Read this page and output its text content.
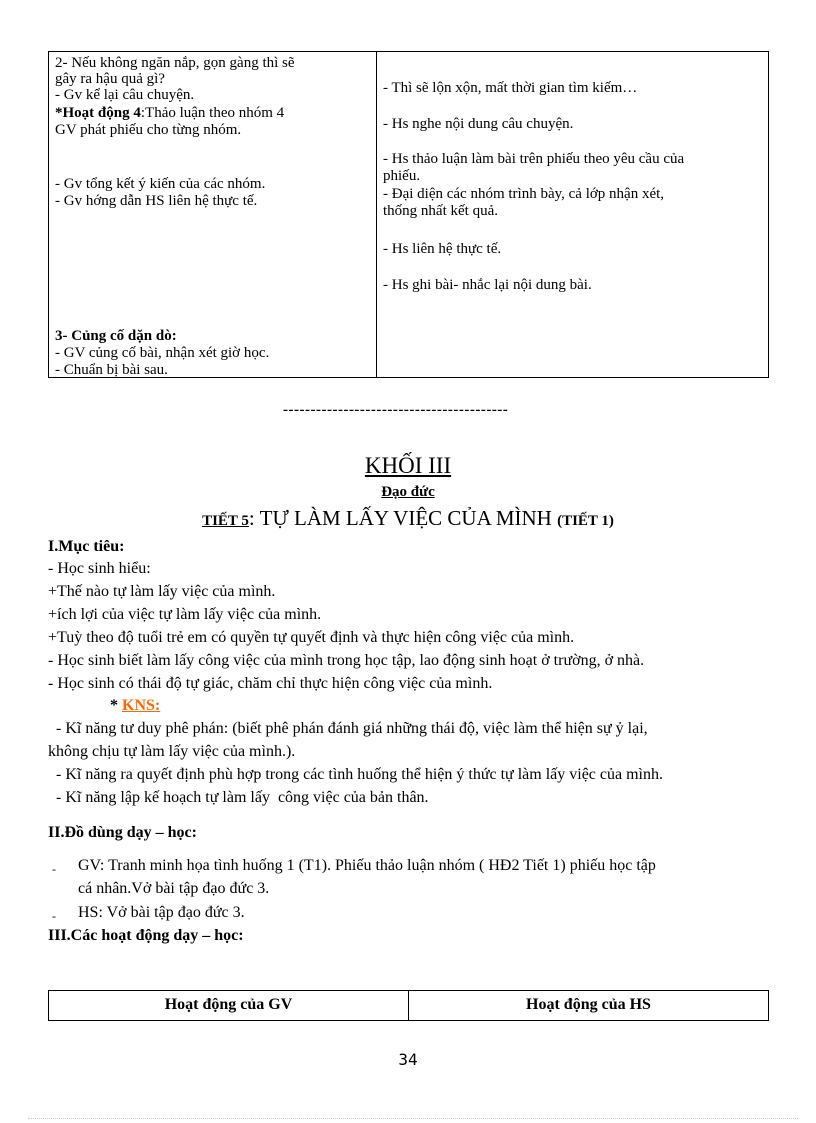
2- Nếu không ngăn nắp, gọn gàng thì sẽ
gây ra hậu quả gì?
- Gv kể lại câu chuyện.
*Hoạt động 4:Thảo luận theo nhóm 4
GV phát phiếu cho từng nhóm.
- Gv tổng kết ý kiến của các nhóm.
- Gv hớng dẫn HS liên hệ thực tế.
3- Củng cố dặn dò:
- GV củng cố bài, nhận xét giờ học.
- Chuẩn bị bài sau.
- Thì sẽ lộn xộn, mất thời gian tìm kiếm…
- Hs nghe nội dung câu chuyện.
- Hs thảo luận làm bài trên phiếu theo yêu cầu của
phiếu.
- Đại diện các nhóm trình bày, cả lớp nhận xét,
thống nhất kết quả.
- Hs liên hệ thực tế.
- Hs ghi bài- nhắc lại nội dung bài.
-----------------------------------------
KHỐI III
Đạo đức
TIẾT 5: TỰ LÀM LẤY VIỆC CỦA MÌNH (TIẾT 1)
I.Mục tiêu:
- Học sinh hiểu:
+Thế nào tự làm lấy việc của mình.
+ích lợi của việc tự làm lấy việc của mình.
+Tuỳ theo độ tuổi trẻ em có quyền tự quyết định và thực hiện công việc của mình.
- Học sinh biết làm lấy công việc của mình trong học tập, lao động sinh hoạt ở trường, ở nhà.
- Học sinh có thái độ tự giác, chăm chỉ thực hiện công việc của mình.
* KNS:
- Kĩ năng tư duy phê phán: (biết phê phán đánh giá những thái độ, việc làm thể hiện sự ỷ lại,
không chịu tự làm lấy việc của mình.).
- Kĩ năng ra quyết định phù hợp trong các tình huống thể hiện ý thức tự làm lấy việc của mình.
- Kĩ năng lập kế hoạch tự làm lấy  công việc của bản thân.
II.Đồ dùng dạy – học:
GV: Tranh minh họa tình huống 1 (T1). Phiếu thảo luận nhóm ( HĐ2 Tiết 1) phiếu học tập
cá nhân.Vở bài tập đạo đức 3.
HS: Vở bài tập đạo đức 3.
III.Các hoạt động dạy – học:
-
-
Hoạt động của GV	Hoạt động của HS
34
